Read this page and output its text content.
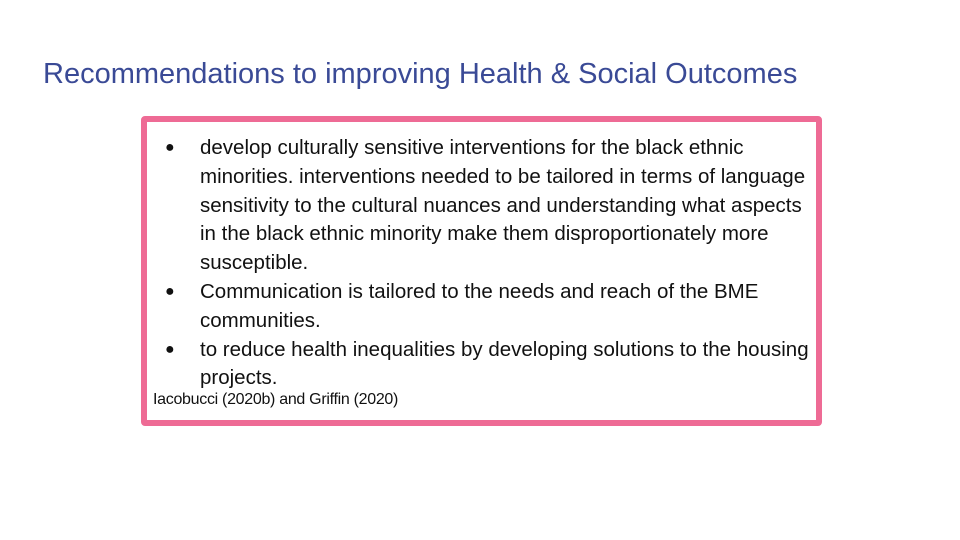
Recommendations to improving Health & Social Outcomes
● develop culturally sensitive interventions for the black ethnic minorities. interventions needed to be tailored in terms of language sensitivity to the cultural nuances and understanding what aspects in the black ethnic minority make them disproportionately more susceptible.
● Communication is tailored to the needs and reach of the BME communities.
● to reduce health inequalities by developing solutions to the housing projects.
Iacobucci (2020b) and Griffin (2020)
